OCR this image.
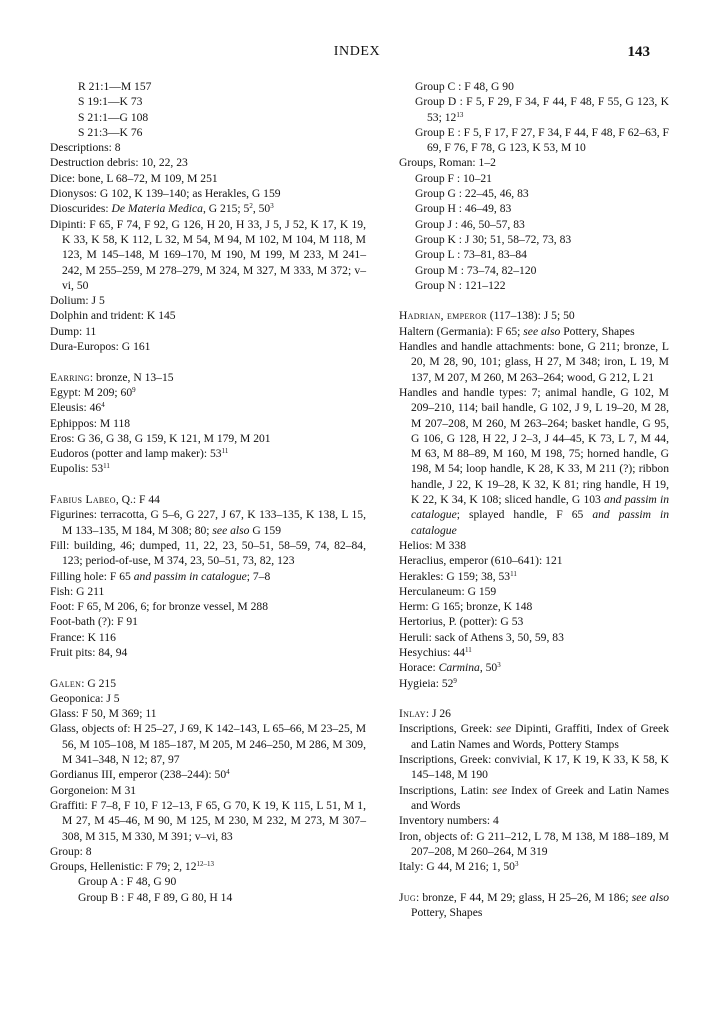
INDEX	143
R 21:1—M 157
S 19:1—K 73
S 21:1—G 108
S 21:3—K 76
Descriptions: 8
Destruction debris: 10, 22, 23
Dice: bone, L 68–72, M 109, M 251
Dionysos: G 102, K 139–140; as Herakles, G 159
Dioscurides: De Materia Medica, G 215; $5^2$, $50^3$
Dipinti: F 65, F 74, F 92, G 126, H 20, H 33, J 5, J 52, K 17, K 19, K 33, K 58, K 112, L 32, M 54, M 94, M 102, M 104, M 118, M 123, M 145–148, M 169–170, M 190, M 199, M 233, M 241–242, M 255–259, M 278–279, M 324, M 327, M 333, M 372; v–vi, 50
Dolium: J 5
Dolphin and trident: K 145
Dump: 11
Dura-Europos: G 161
Earring: bronze, N 13–15
Egypt: M 209; $60^9$
Eleusis: $46^4$
Ephippos: M 118
Eros: G 36, G 38, G 159, K 121, M 179, M 201
Eudoros (potter and lamp maker): $53^{11}$
Eupolis: $53^{11}$
Fabius Labeo, Q.: F 44
Figurines: terracotta, G 5–6, G 227, J 67, K 133–135, K 138, L 15, M 133–135, M 184, M 308; 80; see also G 159
Fill: building, 46; dumped, 11, 22, 23, 50–51, 58–59, 74, 82–84, 123; period-of-use, M 374, 23, 50–51, 73, 82, 123
Filling hole: F 65 and passim in catalogue; 7–8
Fish: G 211
Foot: F 65, M 206, 6; for bronze vessel, M 288
Foot-bath (?): F 91
France: K 116
Fruit pits: 84, 94
Galen: G 215
Geoponica: J 5
Glass: F 50, M 369; 11
Glass, objects of: H 25–27, J 69, K 142–143, L 65–66, M 23–25, M 56, M 105–108, M 185–187, M 205, M 246–250, M 286, M 309, M 341–348, N 12; 87, 97
Gordianus III, emperor (238–244): $50^4$
Gorgoneion: M 31
Graffiti: F 7–8, F 10, F 12–13, F 65, G 70, K 19, K 115, L 51, M 1, M 27, M 45–46, M 90, M 125, M 230, M 232, M 273, M 307–308, M 315, M 330, M 391; v–vi, 83
Group: 8
Groups, Hellenistic: F 79; 2, 12$^{12-13}$
Group A : F 48, G 90
Group B : F 48, F 89, G 80, H 14
Group C : F 48, G 90
Group D : F 5, F 29, F 34, F 44, F 48, F 55, G 123, K 53; $12^{13}$
Group E : F 5, F 17, F 27, F 34, F 44, F 48, F 62–63, F 69, F 76, F 78, G 123, K 53, M 10
Groups, Roman: 1–2
Group F : 10–21
Group G : 22–45, 46, 83
Group H : 46–49, 83
Group J : 46, 50–57, 83
Group K : J 30; 51, 58–72, 73, 83
Group L : 73–81, 83–84
Group M : 73–74, 82–120
Group N : 121–122
Hadrian, emperor (117–138): J 5; 50
Haltern (Germania): F 65; see also Pottery, Shapes
Handles and handle attachments: bone, G 211; bronze, L 20, M 28, 90, 101; glass, H 27, M 348; iron, L 19, M 137, M 207, M 260, M 263–264; wood, G 212, L 21
Handles and handle types: 7; animal handle, G 102, M 209–210, 114; bail handle, G 102, J 9, L 19–20, M 28, M 207–208, M 260, M 263–264; basket handle, G 95, G 106, G 128, H 22, J 2–3, J 44–45, K 73, L 7, M 44, M 63, M 88–89, M 160, M 198, 75; horned handle, G 198, M 54; loop handle, K 28, K 33, M 211 (?); ribbon handle, J 22, K 19–28, K 32, K 81; ring handle, H 19, K 22, K 34, K 108; sliced handle, G 103 and passim in catalogue; splayed handle, F 65 and passim in catalogue
Helios: M 338
Heraclius, emperor (610–641): 121
Herakles: G 159; 38, $53^{11}$
Herculaneum: G 159
Herm: G 165; bronze, K 148
Hertorius, P. (potter): G 53
Heruli: sack of Athens 3, 50, 59, 83
Hesychius: $44^{11}$
Horace: Carmina, $50^3$
Hygieia: $52^9$
Inlay: J 26
Inscriptions, Greek: see Dipinti, Graffiti, Index of Greek and Latin Names and Words, Pottery Stamps
Inscriptions, Greek: convivial, K 17, K 19, K 33, K 58, K 145–148, M 190
Inscriptions, Latin: see Index of Greek and Latin Names and Words
Inventory numbers: 4
Iron, objects of: G 211–212, L 78, M 138, M 188–189, M 207–208, M 260–264, M 319
Italy: G 44, M 216; 1, $50^3$
Jug: bronze, F 44, M 29; glass, H 25–26, M 186; see also Pottery, Shapes
